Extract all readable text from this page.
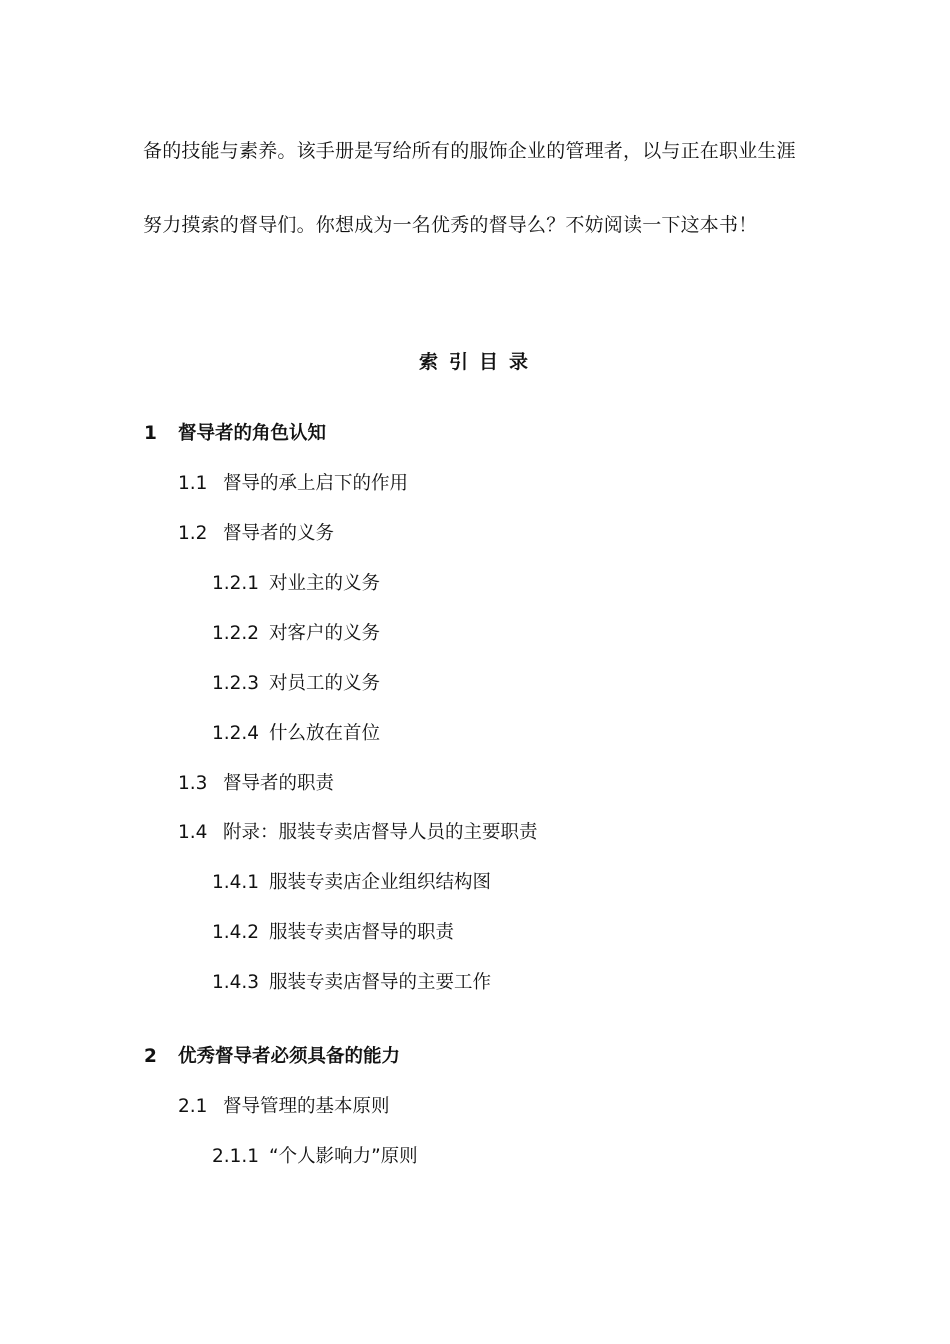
备的技能与素养。该手册是写给所有的服饰企业的管理者，以与正在职业生涯
努力摸索的督导们。你想成为一名优秀的督导么？不妨阅读一下这本书！
索引目录
1 督导者的角色认知
1.1 督导的承上启下的作用
1.2 督导者的义务
1.2.1 对业主的义务
1.2.2 对客户的义务
1.2.3 对员工的义务
1.2.4 什么放在首位
1.3 督导者的职责
1.4 附录：服装专卖店督导人员的主要职责
1.4.1 服装专卖店企业组织结构图
1.4.2 服装专卖店督导的职责
1.4.3 服装专卖店督导的主要工作
2 优秀督导者必须具备的能力
2.1 督导管理的基本原则
2.1.1 “个人影响力”原则
